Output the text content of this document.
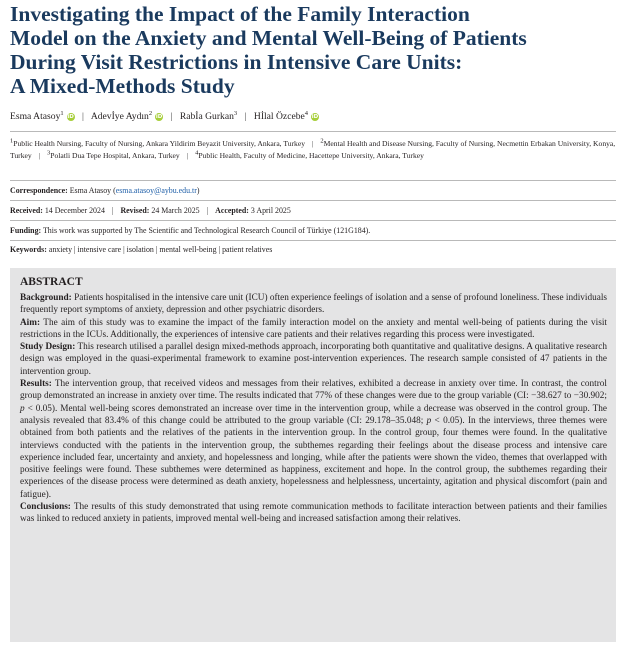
Investigating the Impact of the Family Interaction
Model on the Anxiety and Mental Well-Being of Patients
During Visit Restrictions in Intensive Care Units:
A Mixed-Methods Study
Esma Atasoy$^1$iD | Adevİye Aydın$^2$iD | Rabİa Gurkan$^3$ | Hİlal Özcebe$^4$iD
1Public Health Nursing, Faculty of Nursing, Ankara Yildirim Beyazit University, Ankara, Turkey | 2Mental Health and Disease Nursing, Faculty of Nursing, Necmettin Erbakan University, Konya, Turkey | 3Polatli Dua Tepe Hospital, Ankara, Turkey | 4Public Health, Faculty of Medicine, Hacettepe University, Ankara, Turkey
Correspondence: Esma Atasoy (esma.atasoy@aybu.edu.tr)
Received: 14 December 2024 | Revised: 24 March 2025 | Accepted: 3 April 2025
Funding: This work was supported by The Scientific and Technological Research Council of Türkiye (121G184).
Keywords: anxiety | intensive care | isolation | mental well-being | patient relatives
ABSTRACT

Background: Patients hospitalised in the intensive care unit (ICU) often experience feelings of isolation and a sense of profound loneliness. These individuals frequently report symptoms of anxiety, depression and other psychiatric disorders.

Aim: The aim of this study was to examine the impact of the family interaction model on the anxiety and mental well-being of patients during the visit restrictions in the ICUs. Additionally, the experiences of intensive care patients and their relatives regarding this process were investigated.

Study Design: This research utilised a parallel design mixed-methods approach, incorporating both quantitative and qualitative designs. A qualitative research design was employed in the quasi-experimental framework to examine post-intervention experiences. The research sample consisted of 47 patients in the intervention group.

Results: The intervention group, that received videos and messages from their relatives, exhibited a decrease in anxiety over time. In contrast, the control group demonstrated an increase in anxiety over time. The results indicated that 77% of these changes were due to the group variable (CI: −38.627 to −30.902; p < 0.05). Mental well-being scores demonstrated an increase over time in the intervention group, while a decrease was observed in the control group. The analysis revealed that 83.4% of this change could be attributed to the group variable (CI: 29.178–35.048; p < 0.05). In the interviews, three themes were obtained from both patients and the relatives of the patients in the intervention group. In the control group, four themes were found. In the qualitative interviews conducted with the patients in the intervention group, the subthemes regarding their feelings about the disease process and intensive care experience included fear, uncertainty and anxiety, and hopelessness and longing, while after the patients were shown the video, themes that overlapped with positive feelings were found. These subthemes were determined as happiness, excitement and hope. In the control group, the subthemes regarding their experiences of the disease process were determined as death anxiety, hopelessness and helplessness, uncertainty, agitation and physical discomfort (pain and fatigue).

Conclusions: The results of this study demonstrated that using remote communication methods to facilitate interaction between patients and their families was linked to reduced anxiety in patients, improved mental well-being and increased satisfaction among their relatives.
